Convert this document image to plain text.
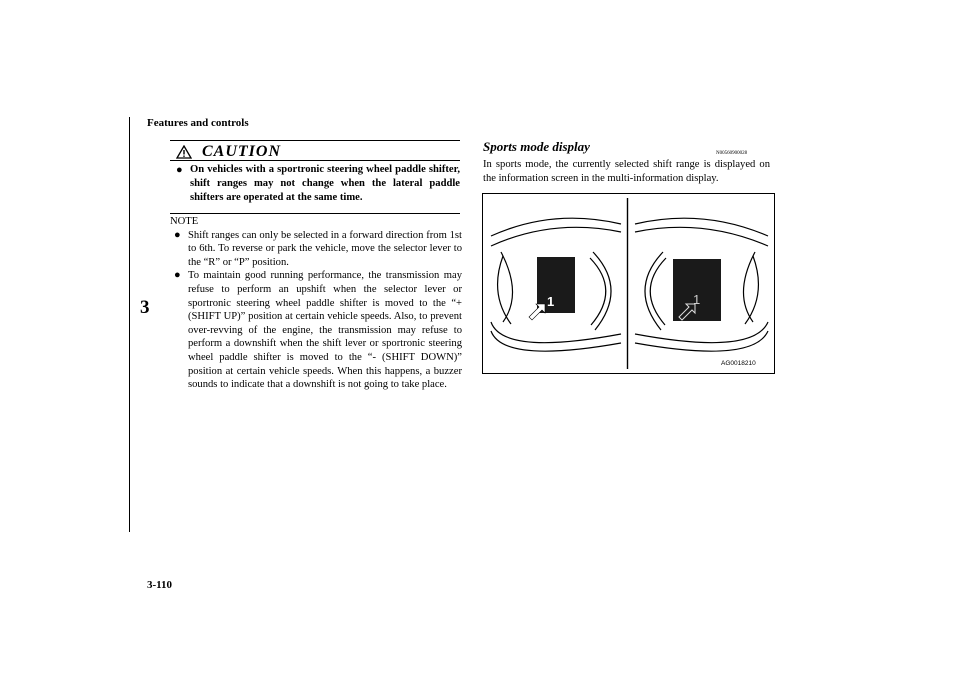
Features and controls
3
CAUTION
● On vehicles with a sportronic steering wheel paddle shifter, shift ranges may not change when the lateral paddle shifters are operated at the same time.
NOTE
● Shift ranges can only be selected in a forward direction from 1st to 6th. To reverse or park the vehicle, move the selector lever to the “R” or “P” position.
● To maintain good running performance, the transmission may refuse to perform an upshift when the selector lever or sportronic steering wheel paddle shifter is moved to the “+ (SHIFT UP)” position at certain vehicle speeds. Also, to prevent over-revving of the engine, the transmission may refuse to perform a downshift when the shift lever or sportronic steering wheel paddle shifter is moved to the “- (SHIFT DOWN)” position at certain vehicle speeds. When this happens, a buzzer sounds to indicate that a downshift is not going to take place.
Sports mode display	N00560900028
In sports mode, the currently selected shift range is displayed on the information screen in the multi-information display.
1	1
AG0018210
3-110
